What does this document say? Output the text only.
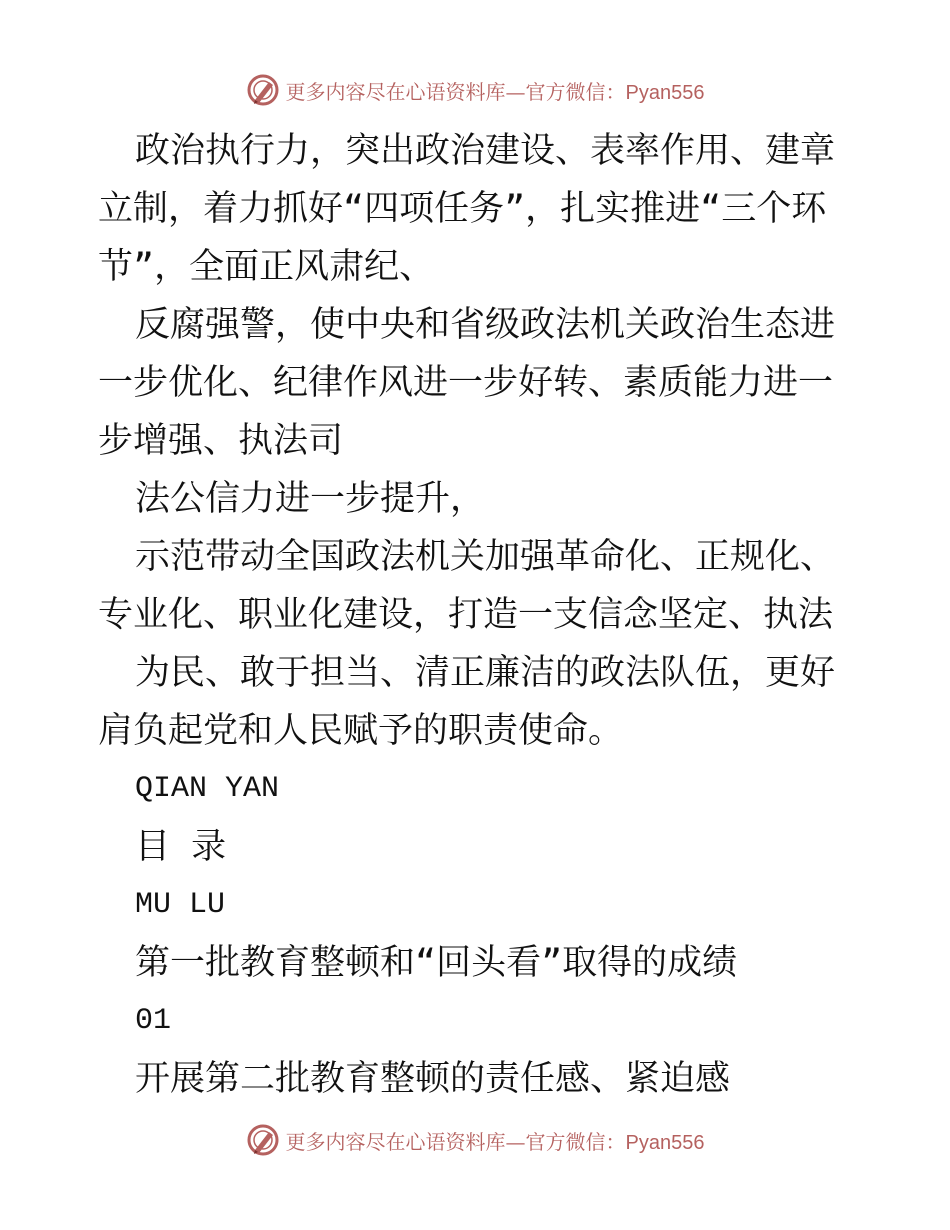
更多内容尽在心语资料库—官方微信：Pyan556

政治执行力，突出政治建设、表率作用、建章立制，着力抓好“四项任务”，扎实推进“三个环节”，全面正风肃纪、

反腐强警，使中央和省级政法机关政治生态进一步优化、纪律作风进一步好转、素质能力进一步增强、执法司

法公信力进一步提升，

示范带动全国政法机关加强革命化、正规化、专业化、职业化建设，打造一支信念坚定、执法

为民、敢于担当、清正廉洁的政法队伍，更好肩负起党和人民赋予的职责使命。

QIAN YAN

目 录

MU LU

第一批教育整顿和“回头看”取得的成绩

01

开展第二批教育整顿的责任感、紧迫感

更多内容尽在心语资料库—官方微信：Pyan556
